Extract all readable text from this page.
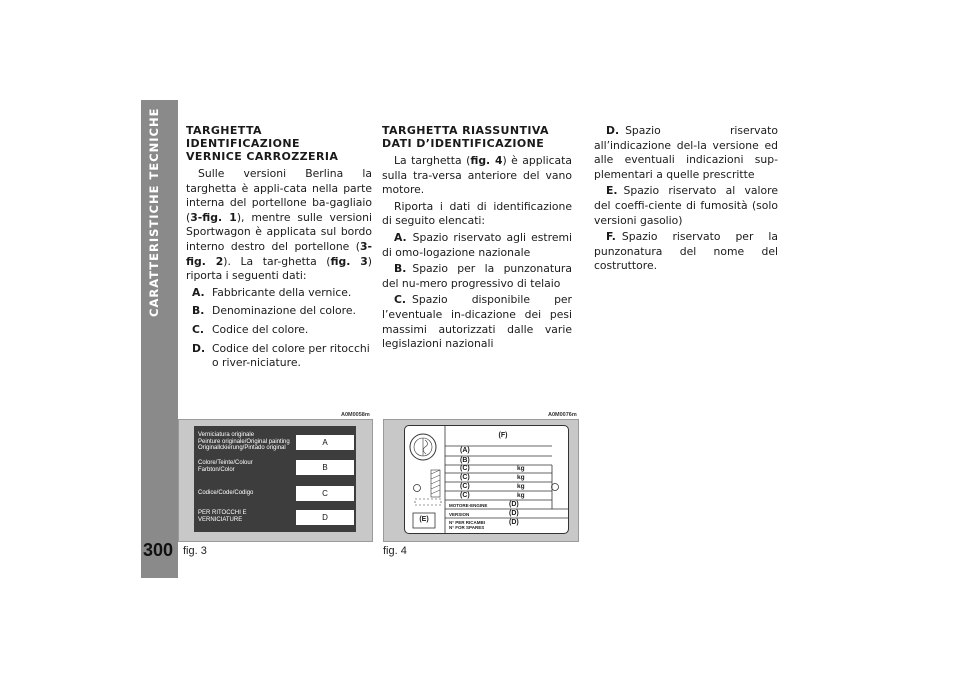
CARATTERISTICHE TECNICHE
300
TARGHETTA IDENTIFICAZIONE
VERNICE CARROZZERIA

Sulle versioni Berlina la targhetta è appli-cata nella parte interna del portellone ba-gagliaio (3-fig. 1), mentre sulle versioni Sportwagon è applicata sul bordo interno destro del portellone (3-fig. 2). La tar-ghetta (fig. 3) riporta i seguenti dati:

A. Fabbricante della vernice.
B. Denominazione del colore.
C. Codice del colore.
D. Codice del colore per ritocchi o river-niciature.
TARGHETTA RIASSUNTIVA
DATI D’IDENTIFICAZIONE

La targhetta (fig. 4) è applicata sulla tra-versa anteriore del vano motore.

Riporta i dati di identificazione di seguito elencati:

A. Spazio riservato agli estremi di omo-logazione nazionale

B. Spazio per la punzonatura del nu-mero progressivo di telaio

C. Spazio disponibile per l’eventuale in-dicazione dei pesi massimi autorizzati dalle varie legislazioni nazionali

D. Spazio riservato all’indicazione del-la versione ed alle eventuali indicazioni sup-plementari a quelle prescritte

E. Spazio riservato al valore del coeffi-ciente di fumosità (solo versioni gasolio)

F. Spazio riservato per la punzonatura del nome del costruttore.

A0M0058m
Verniciatura originale
Peinture originale/Original painting
Originallckierung/Pintado original
A
Colore/Teinte/Colour
Farbton/Color	B
Codice/Code/Codigo	C
PER RITOCCHI E
VERNICIATURE	D
fig. 3
A0M0076m
(F)
(A)
(B)
(C)
(C)
(C)
(C)
kg
kg
kg
kg
MOTORE-ENGINE	(D)
VERSION	(D)
N° PER RICAMBI
N° FOR SPARES
(D)
(E)
fig. 4
